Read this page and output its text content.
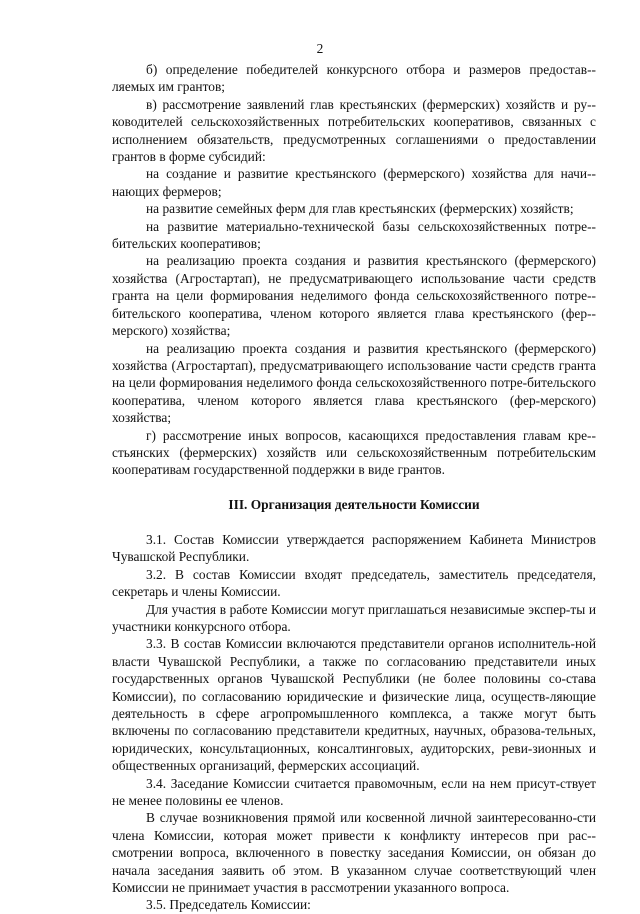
2

б) определение победителей конкурсного отбора и размеров предостав-ляемых им грантов;

в) рассмотрение заявлений глав крестьянских (фермерских) хозяйств и ру-ководителей сельскохозяйственных потребительских кооперативов, связанных с исполнением обязательств, предусмотренных соглашениями о предоставлении грантов в форме субсидий:

на создание и развитие крестьянского (фермерского) хозяйства для начи-нающих фермеров;

на развитие семейных ферм для глав крестьянских (фермерских) хозяйств;

на развитие материально-технической базы сельскохозяйственных потре-бительских кооперативов;

на реализацию проекта создания и развития крестьянского (фермерского) хозяйства (Агростартап), не предусматривающего использование части средств гранта на цели формирования неделимого фонда сельскохозяйственного потре-бительского кооператива, членом которого является глава крестьянского (фер-мерского) хозяйства;

на реализацию проекта создания и развития крестьянского (фермерского) хозяйства (Агростартап), предусматривающего использование части средств гранта на цели формирования неделимого фонда сельскохозяйственного потре-бительского кооператива, членом которого является глава крестьянского (фер-мерского) хозяйства;

г) рассмотрение иных вопросов, касающихся предоставления главам кре-стьянских (фермерских) хозяйств или сельскохозяйственным потребительским кооперативам государственной поддержки в виде грантов.

III. Организация деятельности Комиссии

3.1. Состав Комиссии утверждается распоряжением Кабинета Министров Чувашской Республики.

3.2. В состав Комиссии входят председатель, заместитель председателя, секретарь и члены Комиссии.

Для участия в работе Комиссии могут приглашаться независимые экспер-ты и участники конкурсного отбора.

3.3. В состав Комиссии включаются представители органов исполнитель-ной власти Чувашской Республики, а также по согласованию представители иных государственных органов Чувашской Республики (не более половины со-става Комиссии), по согласованию юридические и физические лица, осуществ-ляющие деятельность в сфере агропромышленного комплекса, а также могут быть включены по согласованию представители кредитных, научных, образова-тельных, юридических, консультационных, консалтинговых, аудиторских, реви-зионных и общественных организаций, фермерских ассоциаций.

3.4. Заседание Комиссии считается правомочным, если на нем присут-ствует не менее половины ее членов.

В случае возникновения прямой или косвенной личной заинтересованно-сти члена Комиссии, которая может привести к конфликту интересов при рас-смотрении вопроса, включенного в повестку заседания Комиссии, он обязан до начала заседания заявить об этом. В указанном случае соответствующий член Комиссии не принимает участия в рассмотрении указанного вопроса.

3.5. Председатель Комиссии:
